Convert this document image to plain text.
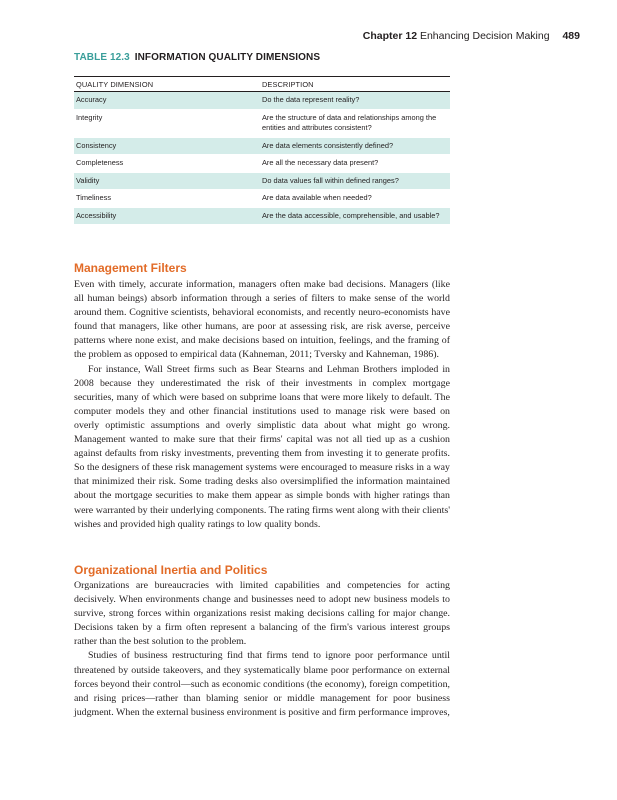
Chapter 12 Enhancing Decision Making 489
TABLE 12.3 INFORMATION QUALITY DIMENSIONS
QUALITY DIMENSION	DESCRIPTION
Accuracy	Do the data represent reality?
Integrity	Are the structure of data and relationships among the entities and attributes consistent?
Consistency	Are data elements consistently defined?
Completeness	Are all the necessary data present?
Validity	Do data values fall within defined ranges?
Timeliness	Are data available when needed?
Accessibility	Are the data accessible, comprehensible, and usable?
Management Filters

Even with timely, accurate information, managers often make bad decisions. Managers (like all human beings) absorb information through a series of filters to make sense of the world around them. Cognitive scientists, behavioral economists, and recently neuro-economists have found that managers, like other humans, are poor at assessing risk, are risk averse, perceive patterns where none exist, and make decisions based on intuition, feelings, and the framing of the problem as opposed to empirical data (Kahneman, 2011; Tversky and Kahneman, 1986).

For instance, Wall Street firms such as Bear Stearns and Lehman Brothers imploded in 2008 because they underestimated the risk of their investments in complex mortgage securities, many of which were based on subprime loans that were more likely to default. The computer models they and other financial institutions used to manage risk were based on overly optimistic assumptions and overly simplistic data about what might go wrong. Management wanted to make sure that their firms' capital was not all tied up as a cushion against defaults from risky investments, preventing them from investing it to generate profits. So the designers of these risk management systems were encouraged to measure risks in a way that minimized their risk. Some trading desks also oversimplified the information maintained about the mortgage securities to make them appear as simple bonds with higher ratings than were warranted by their underlying components. The rating firms went along with their clients' wishes and provided high quality ratings to low quality bonds.

Organizational Inertia and Politics

Organizations are bureaucracies with limited capabilities and competencies for acting decisively. When environments change and businesses need to adopt new business models to survive, strong forces within organizations resist making decisions calling for major change. Decisions taken by a firm often represent a balancing of the firm's various interest groups rather than the best solution to the problem.

Studies of business restructuring find that firms tend to ignore poor performance until threatened by outside takeovers, and they systematically blame poor performance on external forces beyond their control—such as economic conditions (the economy), foreign competition, and rising prices—rather than blaming senior or middle management for poor business judgment. When the external business environment is positive and firm performance improves,
